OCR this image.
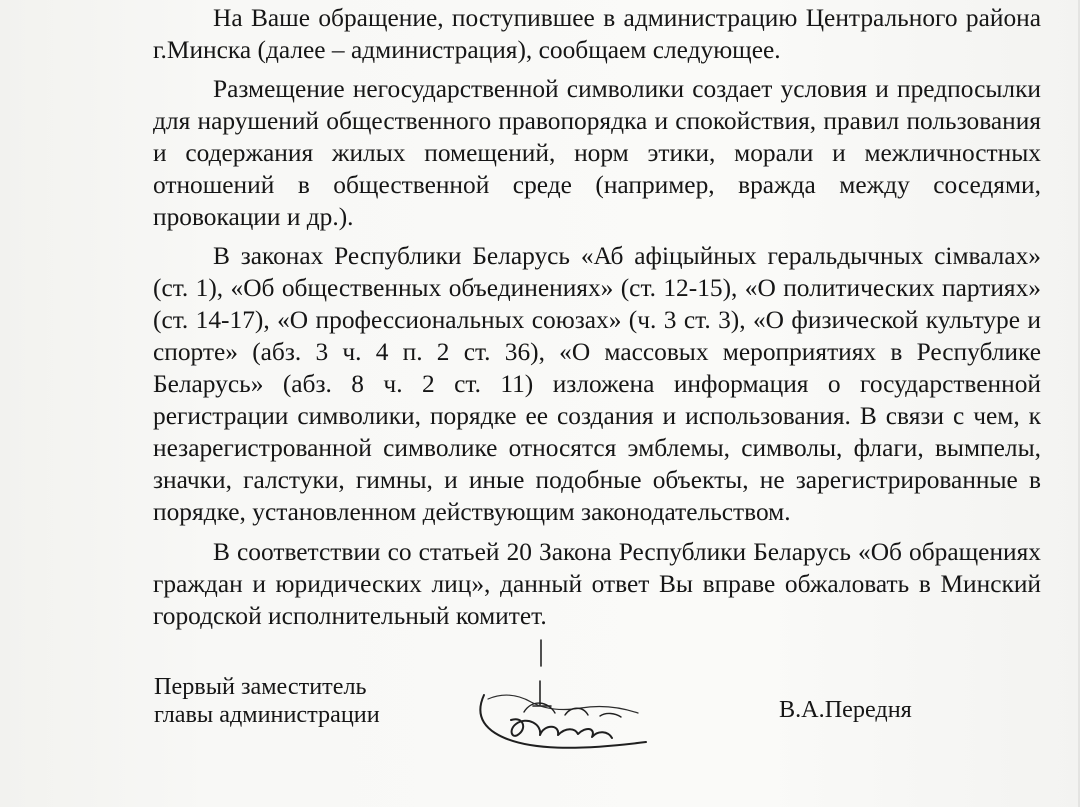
На Ваше обращение, поступившее в администрацию Центрального района г.Минска (далее – администрация), сообщаем следующее.

Размещение негосударственной символики создает условия и предпосылки для нарушений общественного правопорядка и спокойствия, правил пользования и содержания жилых помещений, норм этики, морали и межличностных отношений в общественной среде (например, вражда между соседями, провокации и др.).

В законах Республики Беларусь «Аб афіцыйных геральдычных сімвалах» (ст. 1), «Об общественных объединениях» (ст. 12-15), «О политических партиях» (ст. 14-17), «О профессиональных союзах» (ч. 3 ст. 3), «О физической культуре и спорте» (абз. 3 ч. 4 п. 2 ст. 36), «О массовых мероприятиях в Республике Беларусь» (абз. 8 ч. 2 ст. 11) изложена информация о государственной регистрации символики, порядке ее создания и использования. В связи с чем, к незарегистрованной символике относятся эмблемы, символы, флаги, вымпелы, значки, галстуки, гимны, и иные подобные объекты, не зарегистрированные в порядке, установленном действующим законодательством.

В соответствии со статьей 20 Закона Республики Беларусь «Об обращениях граждан и юридических лиц», данный ответ Вы вправе обжаловать в Минский городской исполнительный комитет.

Первый заместитель
главы администрации	В.А.Передня
